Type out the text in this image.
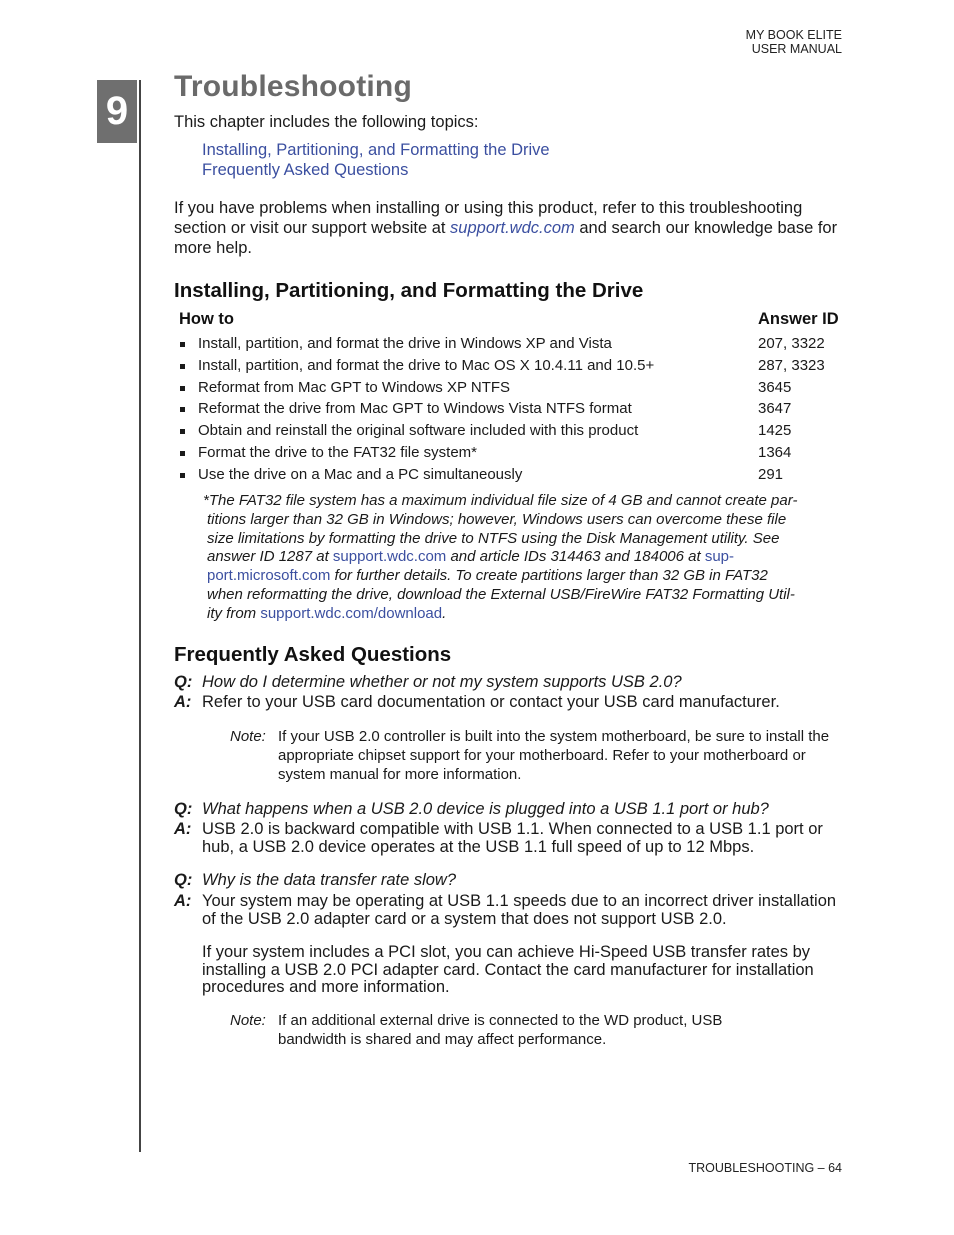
MY BOOK ELITE
USER MANUAL
9
Troubleshooting
This chapter includes the following topics:
Installing, Partitioning, and Formatting the Drive
Frequently Asked Questions
If you have problems when installing or using this product, refer to this troubleshooting section or visit our support website at support.wdc.com and search our knowledge base for more help.
Installing, Partitioning, and Formatting the Drive
How to	Answer ID
Install, partition, and format the drive in Windows XP and Vista	207, 3322
Install, partition, and format the drive to Mac OS X 10.4.11 and 10.5+	287, 3323
Reformat from Mac GPT to Windows XP NTFS	3645
Reformat the drive from Mac GPT to Windows Vista NTFS format	3647
Obtain and reinstall the original software included with this product	1425
Format the drive to the FAT32 file system*	1364
Use the drive on a Mac and a PC simultaneously	291
*The FAT32 file system has a maximum individual file size of 4 GB and cannot create par-
titions larger than 32 GB in Windows; however, Windows users can overcome these file
size limitations by formatting the drive to NTFS using the Disk Management utility. See
answer ID 1287 at support.wdc.com and article IDs 314463 and 184006 at sup-
port.microsoft.com for further details. To create partitions larger than 32 GB in FAT32
when reformatting the drive, download the External USB/FireWire FAT32 Formatting Util-
ity from support.wdc.com/download.
Frequently Asked Questions
Q: How do I determine whether or not my system supports USB 2.0?
A: Refer to your USB card documentation or contact your USB card manufacturer.
Note: If your USB 2.0 controller is built into the system motherboard, be sure to install the appropriate chipset support for your motherboard. Refer to your motherboard or system manual for more information.
Q: What happens when a USB 2.0 device is plugged into a USB 1.1 port or hub?
A: USB 2.0 is backward compatible with USB 1.1. When connected to a USB 1.1 port or hub, a USB 2.0 device operates at the USB 1.1 full speed of up to 12 Mbps.
Q: Why is the data transfer rate slow?
A: Your system may be operating at USB 1.1 speeds due to an incorrect driver installation of the USB 2.0 adapter card or a system that does not support USB 2.0.
If your system includes a PCI slot, you can achieve Hi-Speed USB transfer rates by installing a USB 2.0 PCI adapter card. Contact the card manufacturer for installation procedures and more information.
Note: If an additional external drive is connected to the WD product, USB bandwidth is shared and may affect performance.
TROUBLESHOOTING – 64
